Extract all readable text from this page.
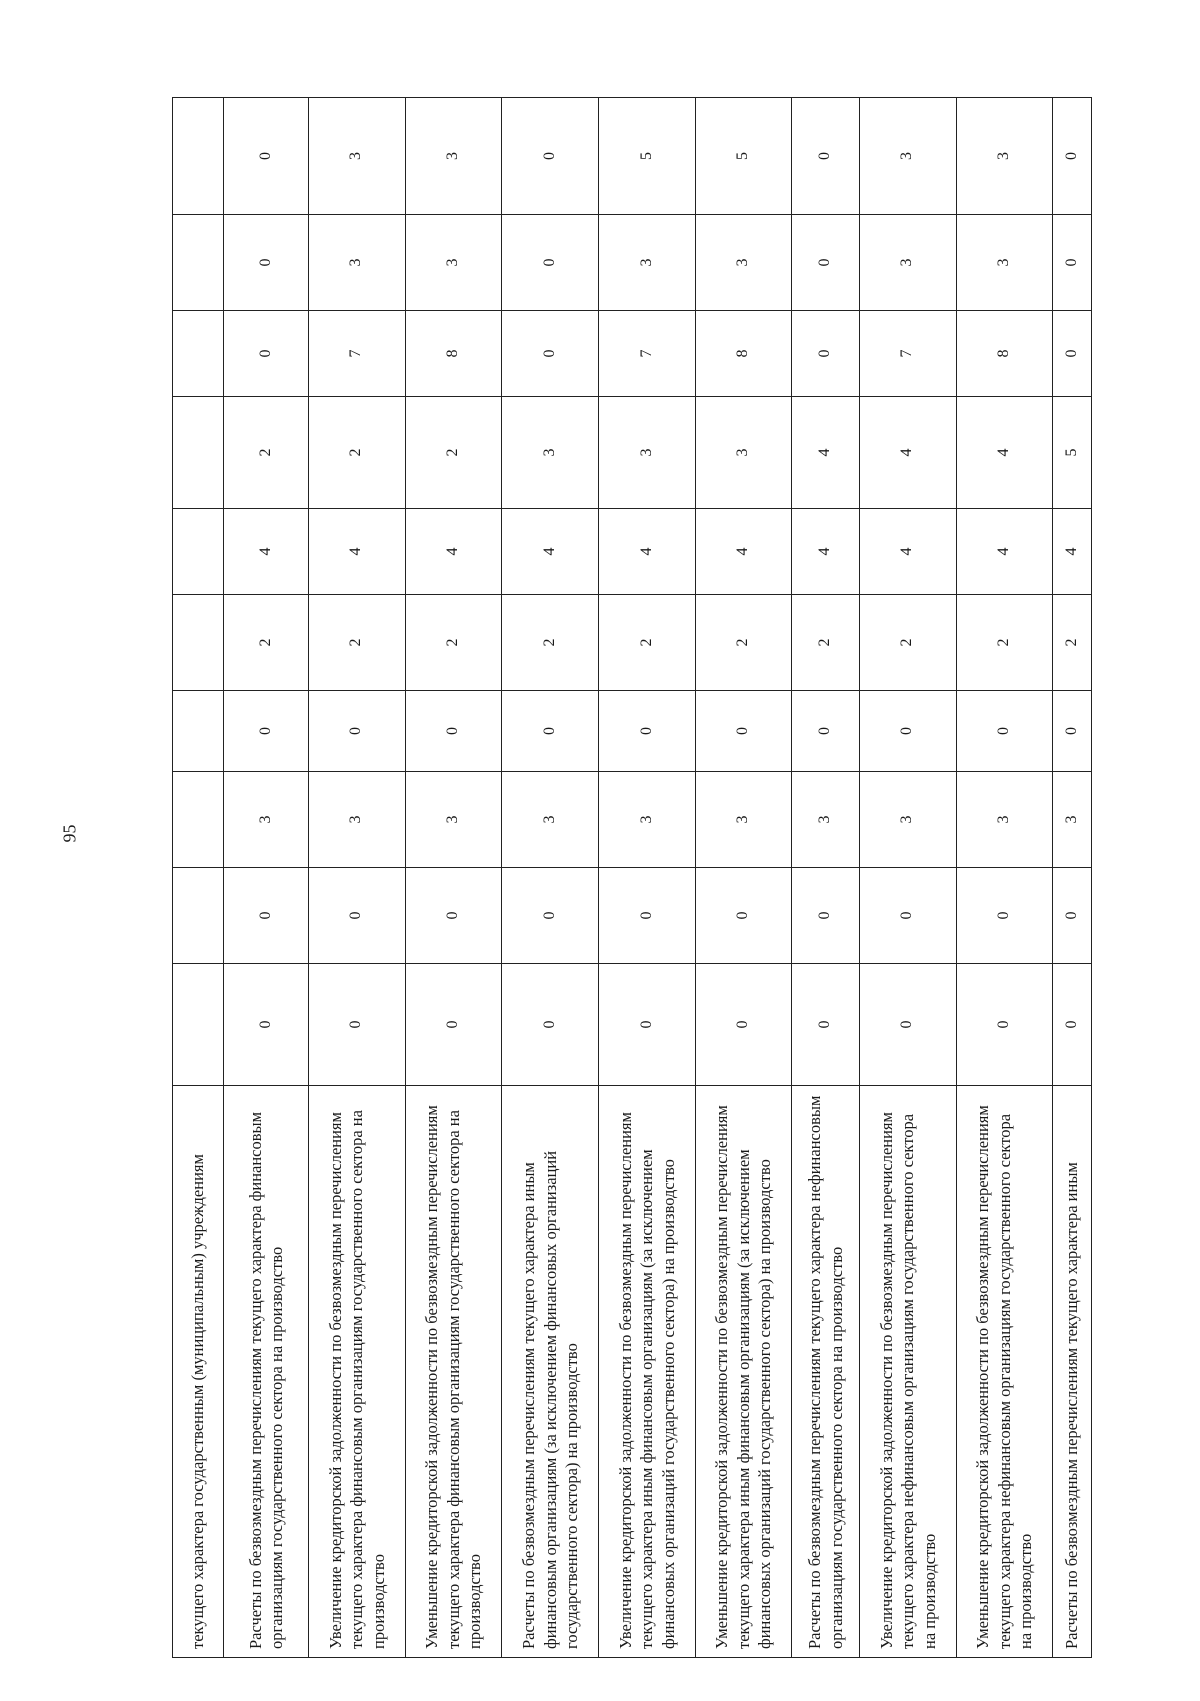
95
текущего характера государственным (муниципальным) учреждениям										
Расчеты по безвозмездным перечислениям текущего характера финансовым организациям государственного сектора на производство	0	0	3	0	2	4	2	0	0	0
Увеличение кредиторской задолженности по безвозмездным перечислениям текущего характера финансовым организациям государственного сектора на производство	0	0	3	0	2	4	2	7	3	3
Уменьшение кредиторской задолженности по безвозмездным перечислениям текущего характера финансовым организациям государственного сектора на производство	0	0	3	0	2	4	2	8	3	3
Расчеты по безвозмездным перечислениям текущего характера иным финансовым организациям (за исключением финансовых организаций государственного сектора) на производство	0	0	3	0	2	4	3	0	0	0
Увеличение кредиторской задолженности по безвозмездным перечислениям текущего характера иным финансовым организациям (за исключением финансовых организаций государственного сектора) на производство	0	0	3	0	2	4	3	7	3	5
Уменьшение кредиторской задолженности по безвозмездным перечислениям текущего характера иным финансовым организациям (за исключением финансовых организаций государственного сектора) на производство	0	0	3	0	2	4	3	8	3	5
Расчеты по безвозмездным перечислениям текущего характера нефинансовым организациям государственного сектора на производство	0	0	3	0	2	4	4	0	0	0
Увеличение кредиторской задолженности по безвозмездным перечислениям текущего характера нефинансовым организациям государственного сектора на производство	0	0	3	0	2	4	4	7	3	3
Уменьшение кредиторской задолженности по безвозмездным перечислениям текущего характера нефинансовым организациям государственного сектора на производство	0	0	3	0	2	4	4	8	3	3
Расчеты по безвозмездным перечислениям текущего характера иным	0	0	3	0	2	4	5	0	0	0
